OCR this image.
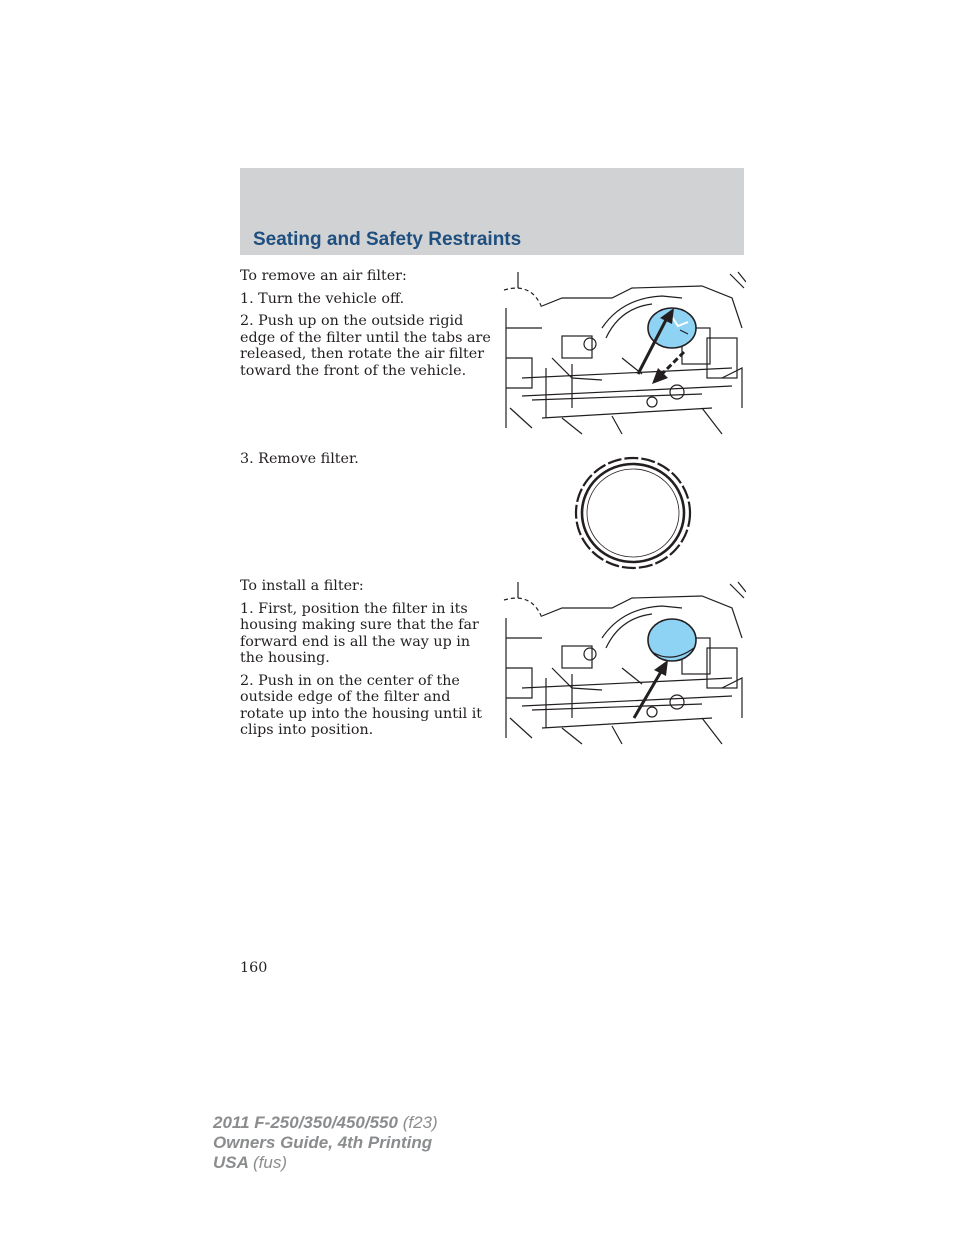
Seating and Safety Restraints

To remove an air filter:

1. Turn the vehicle off.

2. Push up on the outside rigid edge of the filter until the tabs are released, then rotate the air filter toward the front of the vehicle.

3. Remove filter.

To install a filter:

1. First, position the filter in its housing making sure that the far forward end is all the way up in the housing.

2. Push in on the center of the outside edge of the filter and rotate up into the housing until it clips into position.

160
2011 F-250/350/450/550 (f23)
Owners Guide, 4th Printing
USA (fus)
